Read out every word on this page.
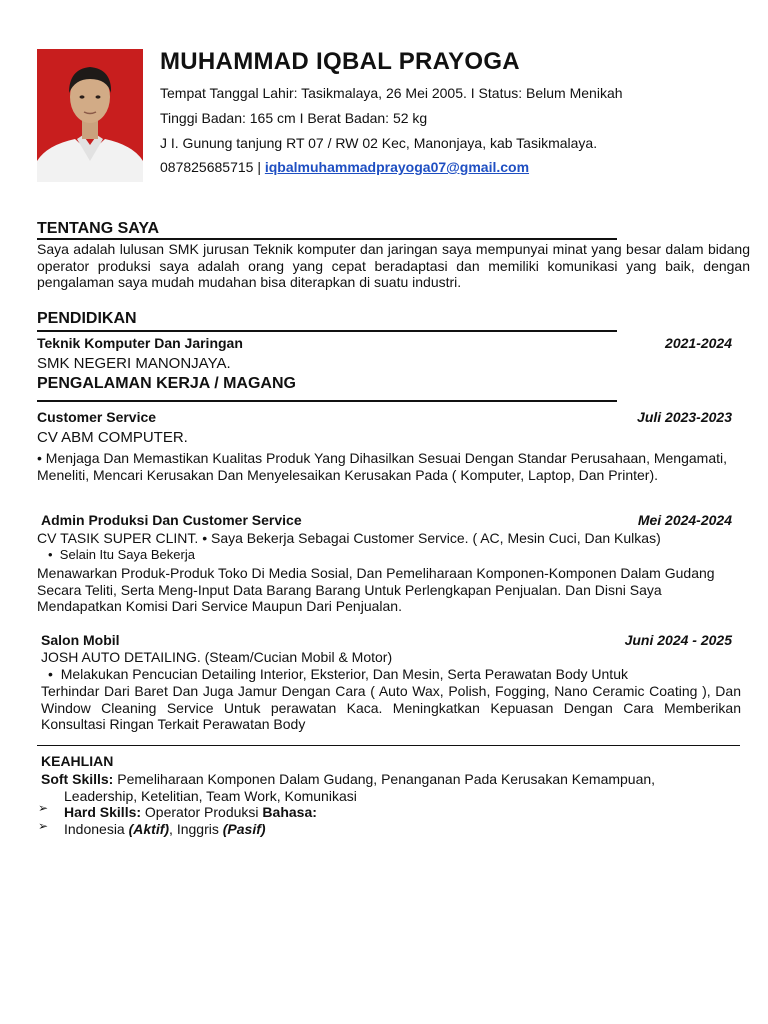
MUHAMMAD IQBAL PRAYOGA
Tempat Tanggal Lahir: Tasikmalaya, 26 Mei 2005. I Status: Belum Menikah
Tinggi Badan: 165 cm I Berat Badan: 52 kg
J I. Gunung tanjung RT 07 / RW 02 Kec, Manonjaya, kab Tasikmalaya.
087825685715 | iqbalmuhammadprayoga07@gmail.com
TENTANG SAYA
Saya adalah lulusan SMK jurusan Teknik komputer dan jaringan saya mempunyai minat yang besar dalam bidang operator produksi saya adalah orang yang cepat beradaptasi dan memiliki komunikasi yang baik, dengan pengalaman saya mudah mudahan bisa diterapkan di suatu industri.
PENDIDIKAN
Teknik Komputer Dan Jaringan	2021-2024
SMK NEGERI MANONJAYA.
PENGALAMAN KERJA / MAGANG
Customer Service	Juli 2023-2023
CV ABM COMPUTER.
• Menjaga Dan Memastikan Kualitas Produk Yang Dihasilkan Sesuai Dengan Standar Perusahaan, Mengamati, Meneliti, Mencari Kerusakan Dan Menyelesaikan Kerusakan Pada ( Komputer, Laptop, Dan Printer).
Admin Produksi Dan Customer Service	Mei 2024-2024
CV TASIK SUPER CLINT. • Saya Bekerja Sebagai Customer Service. ( AC, Mesin Cuci, Dan Kulkas)
• Selain Itu Saya Bekerja
Menawarkan Produk-Produk Toko Di Media Sosial, Dan Pemeliharaan Komponen-Komponen Dalam Gudang Secara Teliti, Serta Meng-Input Data Barang Barang Untuk Perlengkapan Penjualan. Dan Disni Saya Mendapatkan Komisi Dari Service Maupun Dari Penjualan.
Salon Mobil	Juni 2024 - 2025
JOSH AUTO DETAILING. (Steam/Cucian Mobil & Motor)
• Melakukan Pencucian Detailing Interior, Eksterior, Dan Mesin, Serta Perawatan Body Untuk
Terhindar Dari Baret Dan Juga Jamur Dengan Cara ( Auto Wax, Polish, Fogging, Nano Ceramic Coating ), Dan Window Cleaning Service Untuk perawatan Kaca. Meningkatkan Kepuasan Dengan Cara Memberikan Konsultasi Ringan Terkait Perawatan Body
KEAHLIAN
Soft Skills: Pemeliharaan Komponen Dalam Gudang, Penanganan Pada Kerusakan Kemampuan,
Leadership, Ketelitian, Team Work, Komunikasi
➢ Hard Skills: Operator Produksi Bahasa:
➢ Indonesia (Aktif), Inggris (Pasif)
